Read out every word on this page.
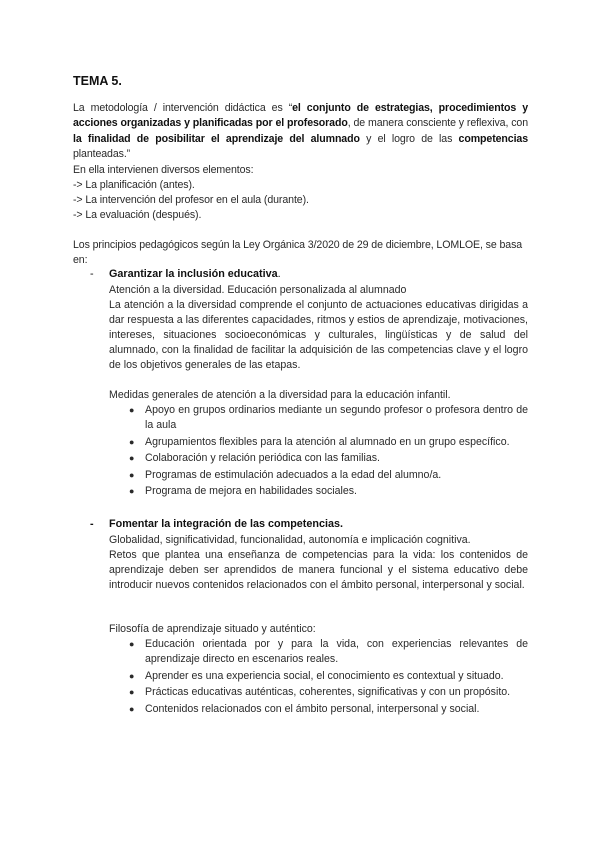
TEMA 5.
La metodología / intervención didáctica es “el conjunto de estrategias, procedimientos y acciones organizadas y planificadas por el profesorado, de manera consciente y reflexiva, con la finalidad de posibilitar el aprendizaje del alumnado y el logro de las competencias planteadas.”
En ella intervienen diversos elementos:
-> La planificación (antes).
-> La intervención del profesor en el aula (durante).
-> La evaluación (después).
Los principios pedagógicos según la Ley Orgánica 3/2020 de 29 de diciembre, LOMLOE, se basa en:
- Garantizar la inclusión educativa.
Atención a la diversidad. Educación personalizada al alumnado
La atención a la diversidad comprende el conjunto de actuaciones educativas dirigidas a dar respuesta a las diferentes capacidades, ritmos y estios de aprendizaje, motivaciones, intereses, situaciones socioeconómicas y culturales, lingüísticas y de salud del alumnado, con la finalidad de facilitar la adquisición de las competencias clave y el logro de los objetivos generales de las etapas.
Medidas generales de atención a la diversidad para la educación infantil.
● Apoyo en grupos ordinarios mediante un segundo profesor o profesora dentro de la aula
● Agrupamientos flexibles para la atención al alumnado en un grupo específico.
● Colaboración y relación periódica con las familias.
● Programas de estimulación adecuados a la edad del alumno/a.
● Programa de mejora en habilidades sociales.
- Fomentar la integración de las competencias.
Globalidad, significatividad, funcionalidad, autonomía e implicación cognitiva.
Retos que plantea una enseñanza de competencias para la vida: los contenidos de aprendizaje deben ser aprendidos de manera funcional y el sistema educativo debe introducir nuevos contenidos relacionados con el ámbito personal, interpersonal y social.
Filosofía de aprendizaje situado y auténtico:
● Educación orientada por y para la vida, con experiencias relevantes de aprendizaje directo en escenarios reales.
● Aprender es una experiencia social, el conocimiento es contextual y situado.
● Prácticas educativas auténticas, coherentes, significativas y con un propósito.
● Contenidos relacionados con el ámbito personal, interpersonal y social.
